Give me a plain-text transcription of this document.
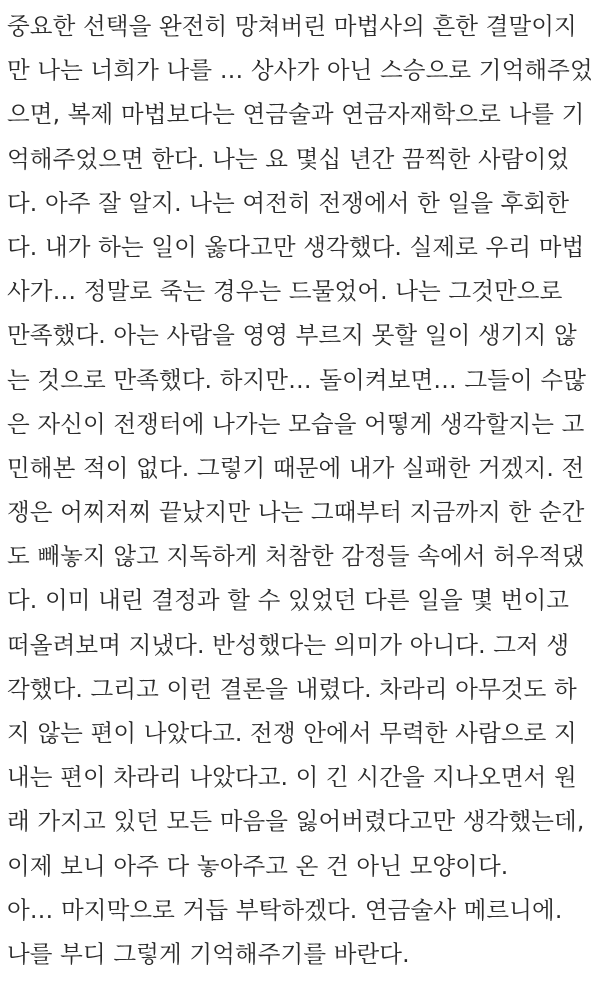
중요한 선택을 완전히 망쳐버린 마법사의 흔한 결말이지
만 나는 너희가 나를 … 상사가 아닌 스승으로 기억해주었
으면, 복제 마법보다는 연금술과 연금자재학으로 나를 기
억해주었으면 한다. 나는 요 몇십 년간 끔찍한 사람이었
다. 아주 잘 알지. 나는 여전히 전쟁에서 한 일을 후회한
다. 내가 하는 일이 옳다고만 생각했다. 실제로 우리 마법
사가… 정말로 죽는 경우는 드물었어. 나는 그것만으로
만족했다. 아는 사람을 영영 부르지 못할 일이 생기지 않
는 것으로 만족했다. 하지만… 돌이켜보면… 그들이 수많
은 자신이 전쟁터에 나가는 모습을 어떻게 생각할지는 고
민해본 적이 없다. 그렇기 때문에 내가 실패한 거겠지. 전
쟁은 어찌저찌 끝났지만 나는 그때부터 지금까지 한 순간
도 빼놓지 않고 지독하게 처참한 감정들 속에서 허우적댔
다. 이미 내린 결정과 할 수 있었던 다른 일을 몇 번이고
떠올려보며 지냈다. 반성했다는 의미가 아니다. 그저 생
각했다. 그리고 이런 결론을 내렸다. 차라리 아무것도 하
지 않는 편이 나았다고. 전쟁 안에서 무력한 사람으로 지
내는 편이 차라리 나았다고. 이 긴 시간을 지나오면서 원
래 가지고 있던 모든 마음을 잃어버렸다고만 생각했는데,
이제 보니 아주 다 놓아주고 온 건 아닌 모양이다.
아… 마지막으로 거듭 부탁하겠다. 연금술사 메르니에.
나를 부디 그렇게 기억해주기를 바란다.
